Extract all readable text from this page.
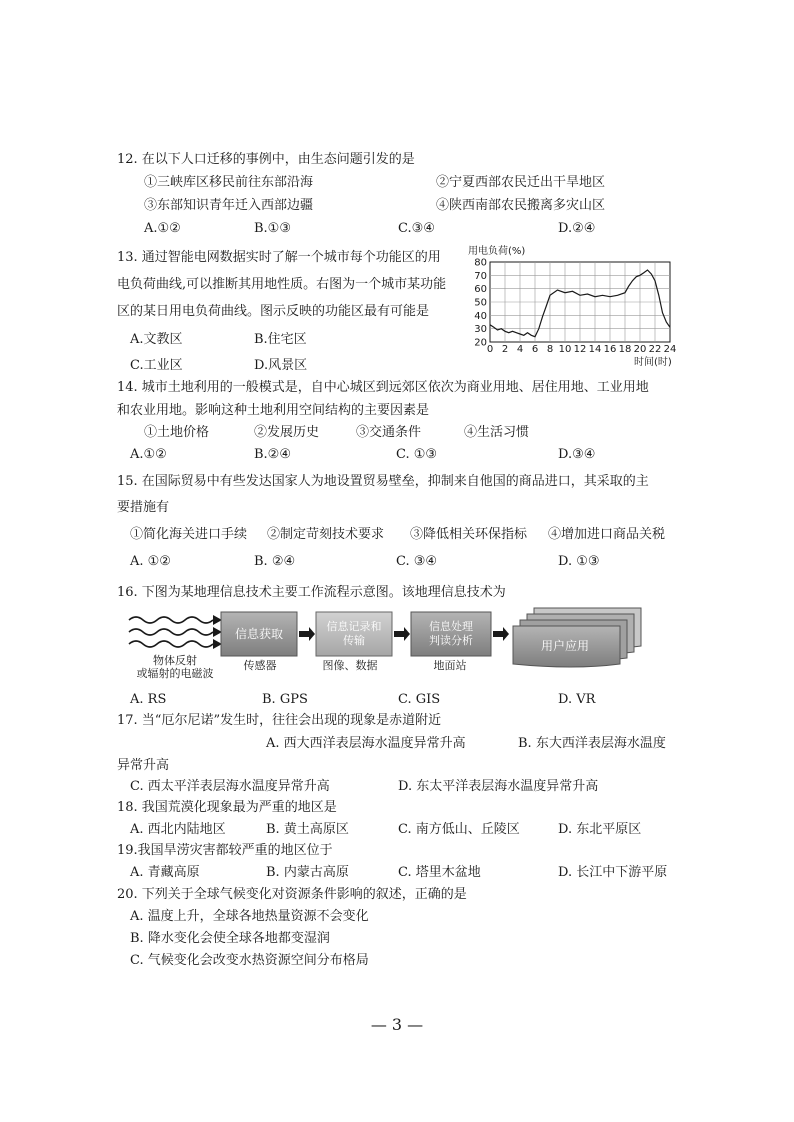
12. 在以下人口迁移的事例中，由生态问题引发的是
①三峡库区移民前往东部沿海	②宁夏西部农民迁出干旱地区
③东部知识青年迁入西部边疆	④陕西南部农民搬离多灾山区
A.①②	B.①③	C.③④	D.②④
13. 通过智能电网数据实时了解一个城市每个功能区的用
电负荷曲线,可以推断其用地性质。右图为一个城市某功能
区的某日用电负荷曲线。图示反映的功能区最有可能是
A.文教区	B.住宅区
C.工业区	D.风景区
用电负荷(%)
时间(时)
20
30
40
50
60
70
80
0 2 4 6 8 10 12 14 16 18 20 22 24
14. 城市土地利用的一般模式是，自中心城区到远郊区依次为商业用地、居住用地、工业用地
和农业用地。影响这种土地利用空间结构的主要因素是
①土地价格	②发展历史	③交通条件	④生活习惯
A.①②	B.②④	C. ①③	D.③④
15. 在国际贸易中有些发达国家人为地设置贸易壁垒，抑制来自他国的商品进口，其采取的主
要措施有
①简化海关进口手续 ②制定苛刻技术要求 ③降低相关环保指标 ④增加进口商品关税
A. ①②	B. ②④	C. ③④	D. ①③
16. 下图为某地理信息技术主要工作流程示意图。该地理信息技术为
信息获取
信息记录和
传输
信息处理
判读分析	用户应用
物体反射
或辐射的电磁波
传感器	图像、数据	地面站
A. RS	B. GPS	C. GIS	D. VR
17. 当“厄尔尼诺”发生时，往往会出现的现象是赤道附近
A. 西大西洋表层海水温度异常升高	B. 东大西洋表层海水温度
异常升高
C. 西太平洋表层海水温度异常升高	D. 东太平洋表层海水温度异常升高
18. 我国荒漠化现象最为严重的地区是
A. 西北内陆地区	B. 黄土高原区	C. 南方低山、丘陵区	D. 东北平原区
19.我国旱涝灾害都较严重的地区位于
A. 青藏高原	B. 内蒙古高原	C. 塔里木盆地	D. 长江中下游平原
20. 下列关于全球气候变化对资源条件影响的叙述，正确的是
A. 温度上升，全球各地热量资源不会变化
B. 降水变化会使全球各地都变湿润
C. 气候变化会改变水热资源空间分布格局
— 3 —
